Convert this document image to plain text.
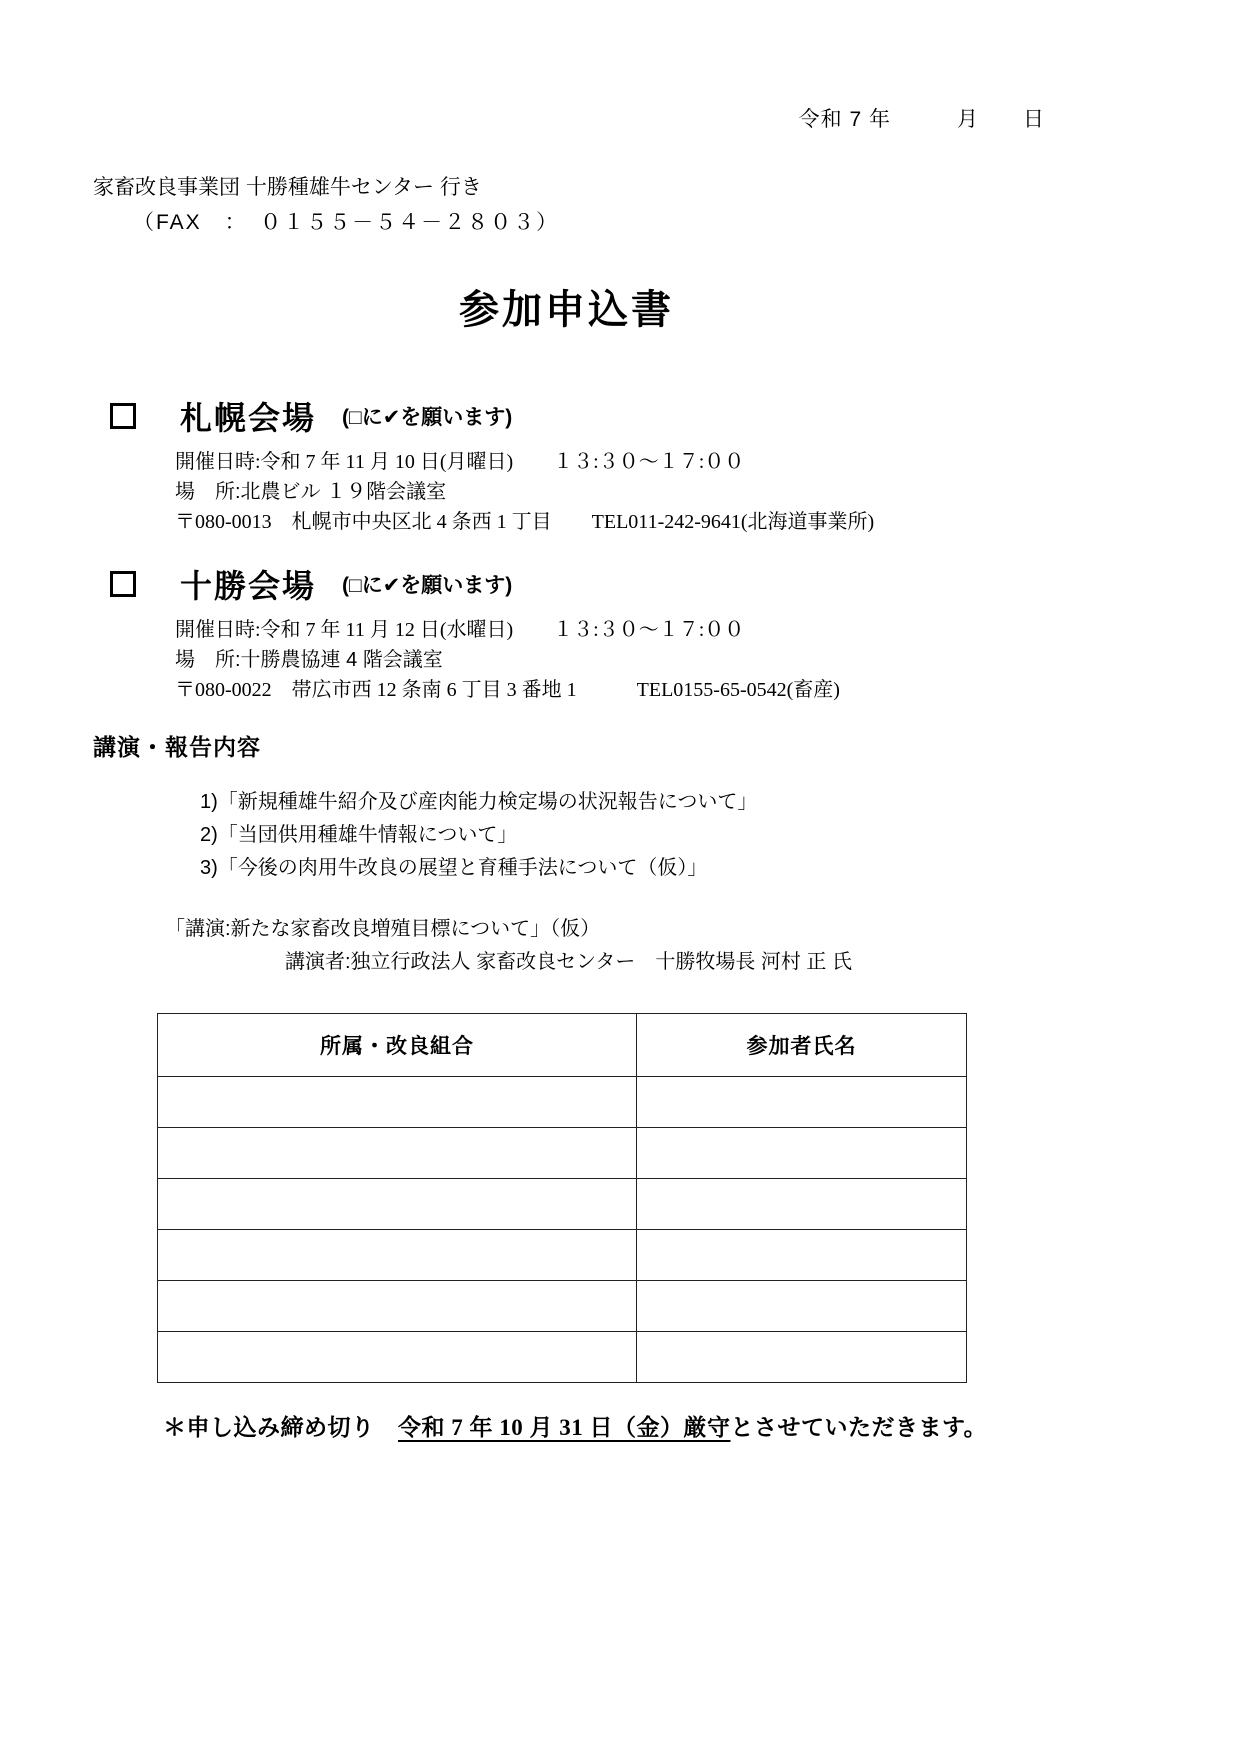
令和 7 年　　　月　　日
家畜改良事業団 十勝種雄牛センター 行き
（FAX　：　０１５５－５４－２８０３）
参加申込書
札幌会場 (□に✔を願います)
開催日時:令和 7 年 11 月 10 日(月曜日)　　１３:３０～１７:００
場　所:北農ビル １９階会議室
〒080-0013　札幌市中央区北 4 条西 1 丁目　　TEL011-242-9641(北海道事業所)
十勝会場 (□に✔を願います)
開催日時:令和 7 年 11 月 12 日(水曜日)　　１３:３０～１７:００
場　所:十勝農協連 4 階会議室
〒080-0022　帯広市西 12 条南 6 丁目 3 番地 1　　　TEL0155-65-0542(畜産)
講演・報告内容
1)「新規種雄牛紹介及び産肉能力検定場の状況報告について」
2)「当団供用種雄牛情報について」
3)「今後の肉用牛改良の展望と育種手法について（仮）」
「講演:新たな家畜改良増殖目標について」（仮）
講演者:独立行政法人 家畜改良センター　十勝牧場長 河村 正 氏
所属・改良組合	参加者氏名

＊申し込み締め切り　令和 7 年 10 月 31 日（金）厳守とさせていただきます。
